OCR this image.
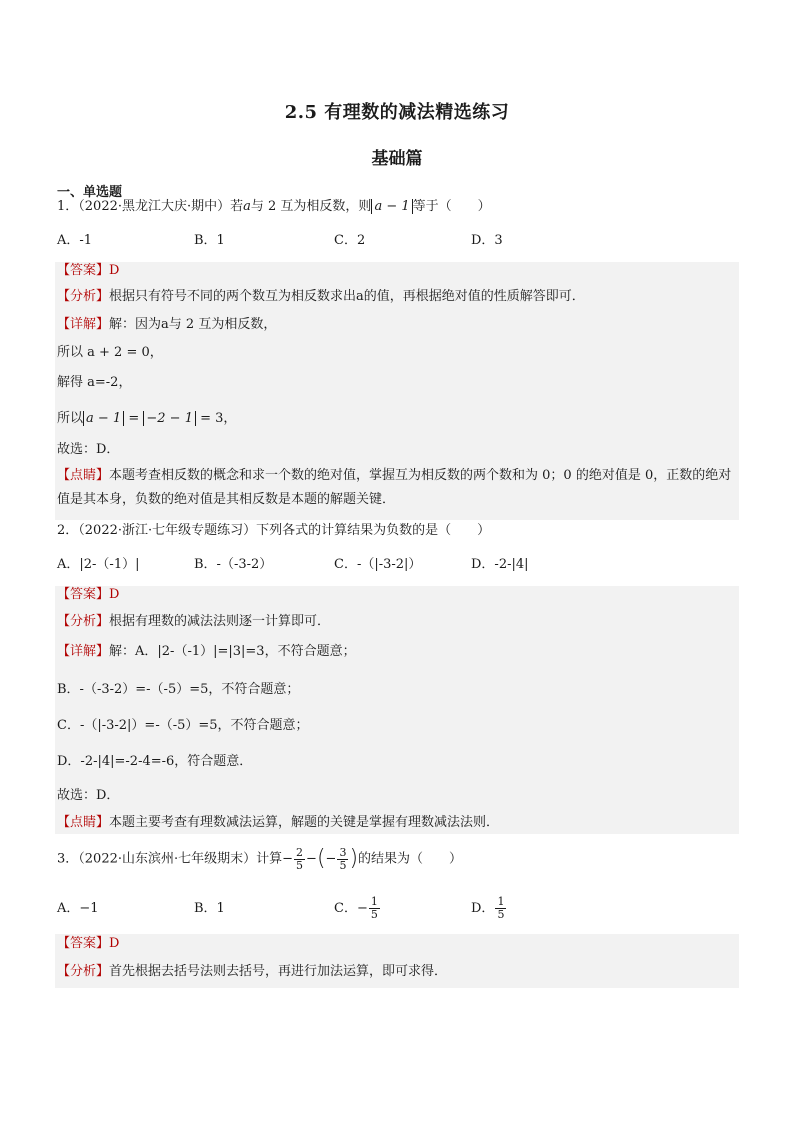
2.5 有理数的减法精选练习
基础篇
一、单选题
1．（2022·黑龙江大庆·期中）若a与 2 互为相反数，则 a − 1 等于（　　）
A．-1	B．1	C．2	D．3
【答案】D
【分析】根据只有符号不同的两个数互为相反数求出a的值，再根据绝对值的性质解答即可．
【详解】解：因为a与 2 互为相反数，
所以 a + 2 = 0，
解得 a=-2，
所以 a − 1 = −2 − 1 = 3，
故选：D．
【点睛】本题考查相反数的概念和求一个数的绝对值，掌握互为相反数的两个数和为 0；0 的绝对值是 0，正数的绝对值是其本身，负数的绝对值是其相反数是本题的解题关键．
2．（2022·浙江·七年级专题练习）下列各式的计算结果为负数的是（　　）
A．|2-（-1）|	B．-（-3-2）	C．-（|-3-2|）	D．-2-|4|
【答案】D
【分析】根据有理数的减法法则逐一计算即可．
【详解】解：A．|2-（-1）|=|3|=3，不符合题意；
B．-（-3-2）=-（-5）=5，不符合题意；
C．-（|-3-2|）=-（-5）=5，不符合题意；
D．-2-|4|=-2-4=-6，符合题意．
故选：D．
【点睛】本题主要考查有理数减法运算，解题的关键是掌握有理数减法法则．
3．（2022·山东滨州·七年级期末）计算− $\frac{2}{5}$ −(− $\frac{3}{5}$ )的结果为（　　）
A．−1	B．1	C．− $\frac{1}{5}$	D． $\frac{1}{5}$
【答案】D
【分析】首先根据去括号法则去括号，再进行加法运算，即可求得．
